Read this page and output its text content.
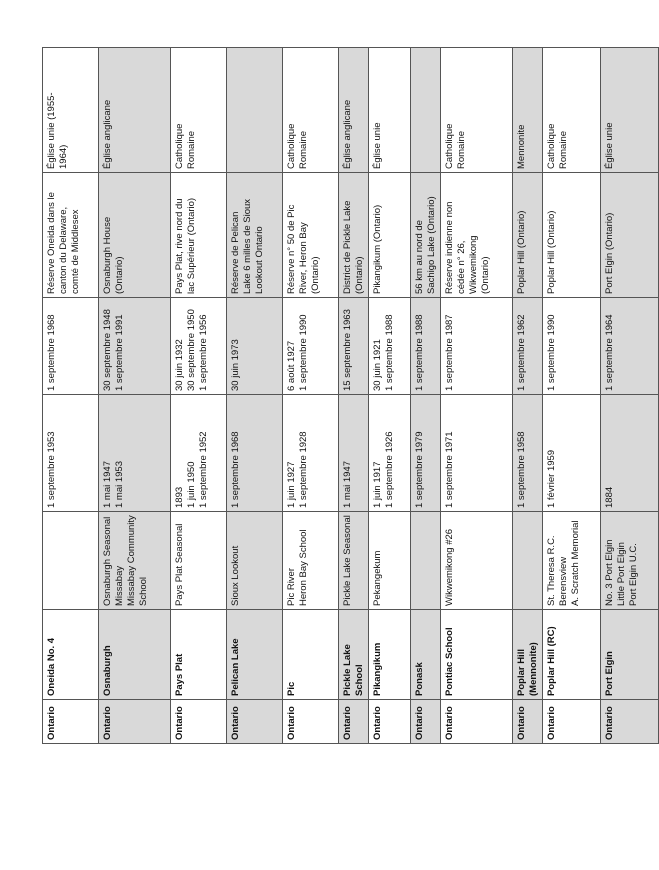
Ontario	Oneida No. 4		1 septembre 1953	1 septembre 1968	Réserve Oneida dans le canton du Delaware, comté de Middlesex	Église unie (1955- 1964)

Ontario	Osnaburgh	Osnaburgh Seasonal Missabay Missabay Community School	1 mai 1947 1 mai 1953	30 septembre 1948 1 septembre 1991	Osnaburgh House (Ontario)	Église anglicane

Ontario	Pays Plat	Pays Plat Seasonal	1893 1 juin 1950 1 septembre 1952	30 juin 1932 30 septembre 1950 1 septembre 1956	Pays Plat, rive nord du lac Supérieur (Ontario)	Catholique Romaine

Ontario	Pelican Lake	Sioux Lookout	1 septembre 1968	30 juin 1973	Réserve de Pelican Lake 6 milles de Sioux Lookout Ontario	

Ontario	Pic	Pic River Heron Bay School	1 juin 1927 1 septembre 1928	6 août 1927 1 septembre 1990	Réserve n° 50 de Pic River, Heron Bay (Ontario)	Catholique Romaine

Ontario	Pickle Lake School	Pickle Lake Seasonal	1 mai 1947	15 septembre 1963	District de Pickle Lake (Ontario)	Église anglicane

Ontario	Pikangikum	Pekangekum	1 juin 1917 1 septembre 1926	30 juin 1921 1 septembre 1988	Pikangikum (Ontario)	Église unie

Ontario	Ponask		1 septembre 1979	1 septembre 1988	56 km au nord de Sachigo Lake (Ontario)	

Ontario	Pontiac School	Wikwemikong #26	1 septembre 1971	1 septembre 1987	Réserve indienne non cédée n° 26, Wikwemikong (Ontario)	Catholique Romaine

Ontario	Poplar Hill (Mennonite)		1 septembre 1958	1 septembre 1962	Poplar Hill (Ontario)	Mennonite

Ontario	Poplar Hill (RC)	St. Theresa R.C. Berensview A. Scratch Memorial	1 février 1959	1 septembre 1990	Poplar Hill (Ontario)	Catholique Romaine

Ontario	Port Elgin	No. 3 Port Elgin Little Port Elgin Port Elgin U.C.	1884	1 septembre 1964	Port Elgin (Ontario)	Église unie
